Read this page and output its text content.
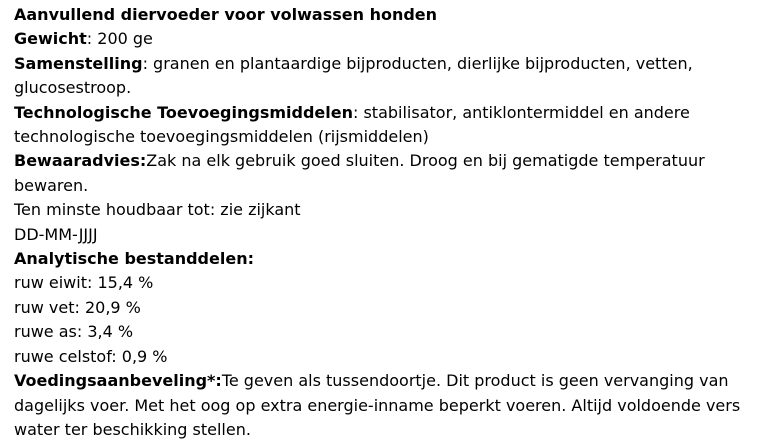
Aanvullend diervoeder voor volwassen honden
Gewicht: 200 ge
Samenstelling: granen en plantaardige bijproducten, dierlijke bijproducten, vetten,
glucosestroop.
Technologische Toevoegingsmiddelen: stabilisator, antiklontermiddel en andere
technologische toevoegingsmiddelen (rijsmiddelen)
Bewaaradvies:Zak na elk gebruik goed sluiten. Droog en bij gematigde temperatuur
bewaren.
Ten minste houdbaar tot: zie zijkant
DD-MM-JJJJ
Analytische bestanddelen:
ruw eiwit: 15,4 %
ruw vet: 20,9 %
ruwe as: 3,4 %
ruwe celstof: 0,9 %
Voedingsaanbeveling*:Te geven als tussendoortje. Dit product is geen vervanging van
dagelijks voer. Met het oog op extra energie-inname beperkt voeren. Altijd voldoende vers
water ter beschikking stellen.
